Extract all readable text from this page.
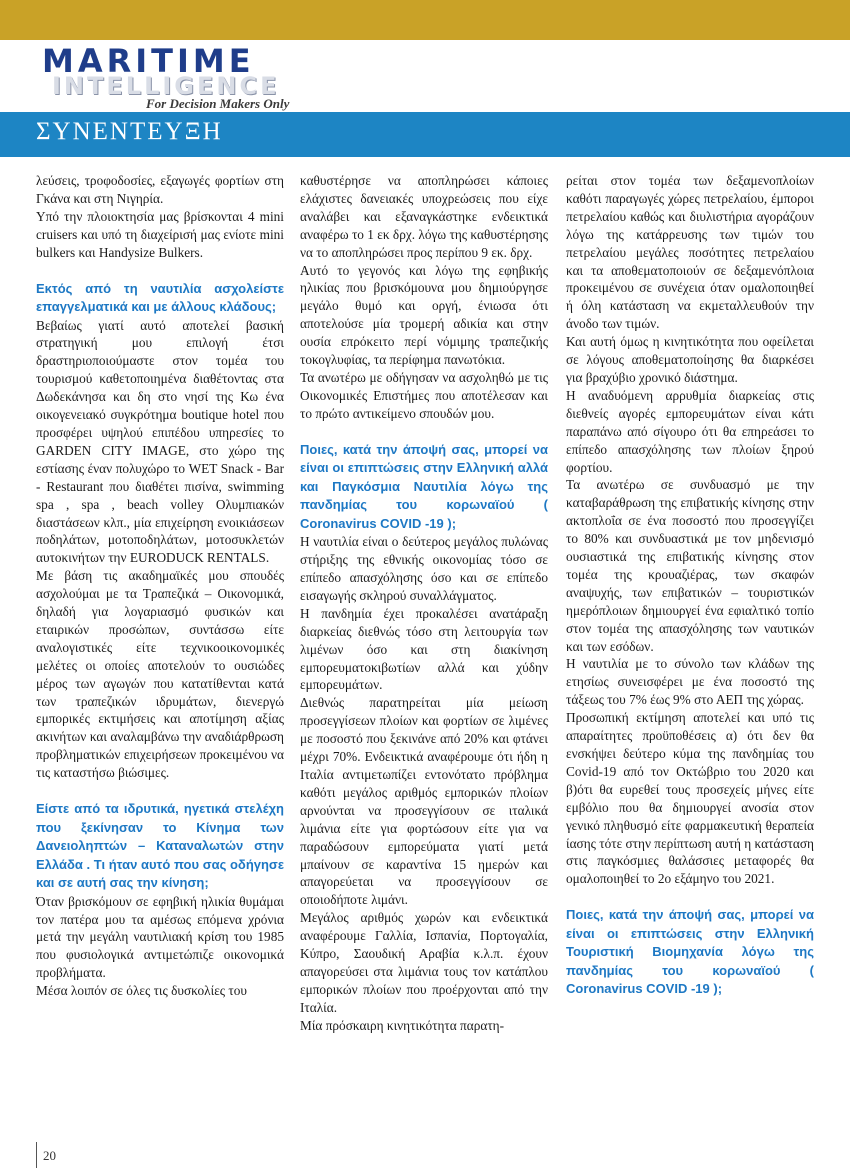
MARITIME
INTELLIGENCE
For Decision Makers Only
ΣΥΝΕΝΤΕΥΞΗ

λεύσεις, τροφοδοσίες, εξαγωγές φορτίων στη Γκάνα και στη Νιγηρία.

Υπό την πλοιοκτησία μας βρίσκονται 4 mini cruisers και υπό τη διαχείρισή μας ενίοτε mini bulkers και Handysize Bulkers.

Εκτός από τη ναυτιλία ασχολείστε επαγγελματικά και με άλλους κλάδους;

Βεβαίως γιατί αυτό αποτελεί βασική στρατηγική μου επιλογή έτσι δραστηριοποιούμαστε στον τομέα του τουρισμού καθετοποιημένα διαθέτοντας στα Δωδεκάνησα και δη στο νησί της Κω ένα οικογενειακό συγκρότημα boutique hotel που προσφέρει υψηλού επιπέδου υπηρεσίες το GARDEN CITY IMAGE, στο χώρο της εστίασης έναν πολυχώρο το WET Snack - Bar - Restaurant που διαθέτει πισίνα, swimming spa , spa , beach volley Ολυμπιακών διαστάσεων κλπ., μία επιχείρηση ενοικιάσεων ποδηλάτων, μοτοποδηλάτων, μοτοσυκλετών αυτοκινήτων την EURODUCK RENTALS.

Με βάση τις ακαδημαϊκές μου σπουδές ασχολούμαι με τα Τραπεζικά – Οικονομικά, δηλαδή για λογαριασμό φυσικών και εταιρικών προσώπων, συντάσσω είτε αναλογιστικές είτε τεχνικοοικονομικές μελέτες οι οποίες αποτελούν το ουσιώδες μέρος των αγωγών που κατατίθενται κατά των τραπεζικών ιδρυμάτων, διενεργώ εμπορικές εκτιμήσεις και αποτίμηση αξίας ακινήτων και αναλαμβάνω την αναδιάρθρωση προβληματικών επιχειρήσεων προκειμένου να τις καταστήσω βιώσιμες.

Είστε από τα ιδρυτικά, ηγετικά στελέχη που ξεκίνησαν το Κίνημα των Δανειοληπτών – Καταναλωτών στην Ελλάδα . Τι ήταν αυτό που σας οδήγησε και σε αυτή σας την κίνηση;

Όταν βρισκόμουν σε εφηβική ηλικία θυμάμαι τον πατέρα μου τα αμέσως επόμενα χρόνια μετά την μεγάλη ναυτιλιακή κρίση του 1985 που φυσιολογικά αντιμετώπιζε οικονομικά προβλήματα.

Μέσα λοιπόν σε όλες τις δυσκολίες του

καθυστέρησε να αποπληρώσει κάποιες ελάχιστες δανειακές υποχρεώσεις που είχε αναλάβει και εξαναγκάστηκε ενδεικτικά αναφέρω το 1 εκ δρχ. λόγω της καθυστέρησης να το αποπληρώσει προς περίπου 9 εκ. δρχ.

Αυτό το γεγονός και λόγω της εφηβικής ηλικίας που βρισκόμουνα μου δημιούργησε μεγάλο θυμό και οργή, ένιωσα ότι αποτελούσε μία τρομερή αδικία και στην ουσία επρόκειτο περί νόμιμης τραπεζικής τοκογλυφίας, τα περίφημα πανωτόκια.

Τα ανωτέρω με οδήγησαν να ασχοληθώ με τις Οικονομικές Επιστήμες που αποτέλεσαν και το πρώτο αντικείμενο σπουδών μου.

Ποιες, κατά την άποψή σας, μπορεί να είναι οι επιπτώσεις στην Ελληνική αλλά και Παγκόσμια Ναυτιλία λόγω της πανδημίας του κορωναϊού ( Coronavirus COVID -19 );

Η ναυτιλία είναι ο δεύτερος μεγάλος πυλώνας στήριξης της εθνικής οικονομίας τόσο σε επίπεδο απασχόλησης όσο και σε επίπεδο εισαγωγής σκληρού συναλλάγματος.

Η πανδημία έχει προκαλέσει ανατάραξη διαρκείας διεθνώς τόσο στη λειτουργία των λιμένων όσο και στη διακίνηση εμπορευματοκιβωτίων αλλά και χύδην εμπορευμάτων.

Διεθνώς παρατηρείται μία μείωση προσεγγίσεων πλοίων και φορτίων σε λιμένες με ποσοστό που ξεκινάνε από 20% και φτάνει μέχρι 70%. Ενδεικτικά αναφέρουμε ότι ήδη η Ιταλία αντιμετωπίζει εντονότατο πρόβλημα καθότι μεγάλος αριθμός εμπορικών πλοίων αρνούνται να προσεγγίσουν σε ιταλικά λιμάνια είτε για φορτώσουν είτε για να παραδώσουν εμπορεύματα γιατί μετά μπαίνουν σε καραντίνα 15 ημερών και απαγορεύεται να προσεγγίσουν σε οποιοδήποτε λιμάνι.

Μεγάλος αριθμός χωρών και ενδεικτικά αναφέρουμε Γαλλία, Ισπανία, Πορτογαλία, Κύπρο, Σαουδική Αραβία κ.λ.π. έχουν απαγορεύσει στα λιμάνια τους τον κατάπλου εμπορικών πλοίων που προέρχονται από την Ιταλία.

Μία πρόσκαιρη κινητικότητα παρατη-

ρείται στον τομέα των δεξαμενοπλοίων καθότι παραγωγές χώρες πετρελαίου, έμποροι πετρελαίου καθώς και διυλιστήρια αγοράζουν λόγω της κατάρρευσης των τιμών του πετρελαίου μεγάλες ποσότητες πετρελαίου και τα αποθεματοποιούν σε δεξαμενόπλοια προκειμένου σε συνέχεια όταν ομαλοποιηθεί ή όλη κατάσταση να εκμεταλλευθούν την άνοδο των τιμών.

Και αυτή όμως η κινητικότητα που οφείλεται σε λόγους αποθεματοποίησης θα διαρκέσει για βραχύβιο χρονικό διάστημα.

Η αναδυόμενη αρρυθμία διαρκείας στις διεθνείς αγορές εμπορευμάτων είναι κάτι παραπάνω από σίγουρο ότι θα επηρεάσει το επίπεδο απασχόλησης των πλοίων ξηρού φορτίου.

Τα ανωτέρω σε συνδυασμό με την καταβαράθρωση της επιβατικής κίνησης στην ακτοπλοΐα σε ένα ποσοστό που προσεγγίζει το 80% και συνδυαστικά με τον μηδενισμό ουσιαστικά της επιβατικής κίνησης στον τομέα της κρουαζιέρας, των σκαφών αναψυχής, των επιβατικών – τουριστικών ημερόπλοιων δημιουργεί ένα εφιαλτικό τοπίο στον τομέα της απασχόλησης των ναυτικών και των εσόδων.

Η ναυτιλία με το σύνολο των κλάδων της ετησίως συνεισφέρει με ένα ποσοστό της τάξεως του 7% έως 9% στο ΑΕΠ της χώρας.

Προσωπική εκτίμηση αποτελεί και υπό τις απαραίτητες προϋποθέσεις α) ότι δεν θα ενσκήψει δεύτερο κύμα της πανδημίας του Covid-19 από τον Οκτώβριο του 2020 και β)ότι θα ευρεθεί τους προσεχείς μήνες είτε εμβόλιο που θα δημιουργεί ανοσία στον γενικό πληθυσμό είτε φαρμακευτική θεραπεία ίασης τότε στην περίπτωση αυτή η κατάσταση στις παγκόσμιες θαλάσσιες μεταφορές θα ομαλοποιηθεί το 2ο εξάμηνο του 2021.

Ποιες, κατά την άποψή σας, μπορεί να είναι οι επιπτώσεις στην Ελληνική Τουριστική Βιομηχανία λόγω της πανδημίας του κορωναϊού ( Coronavirus COVID -19 );

20
